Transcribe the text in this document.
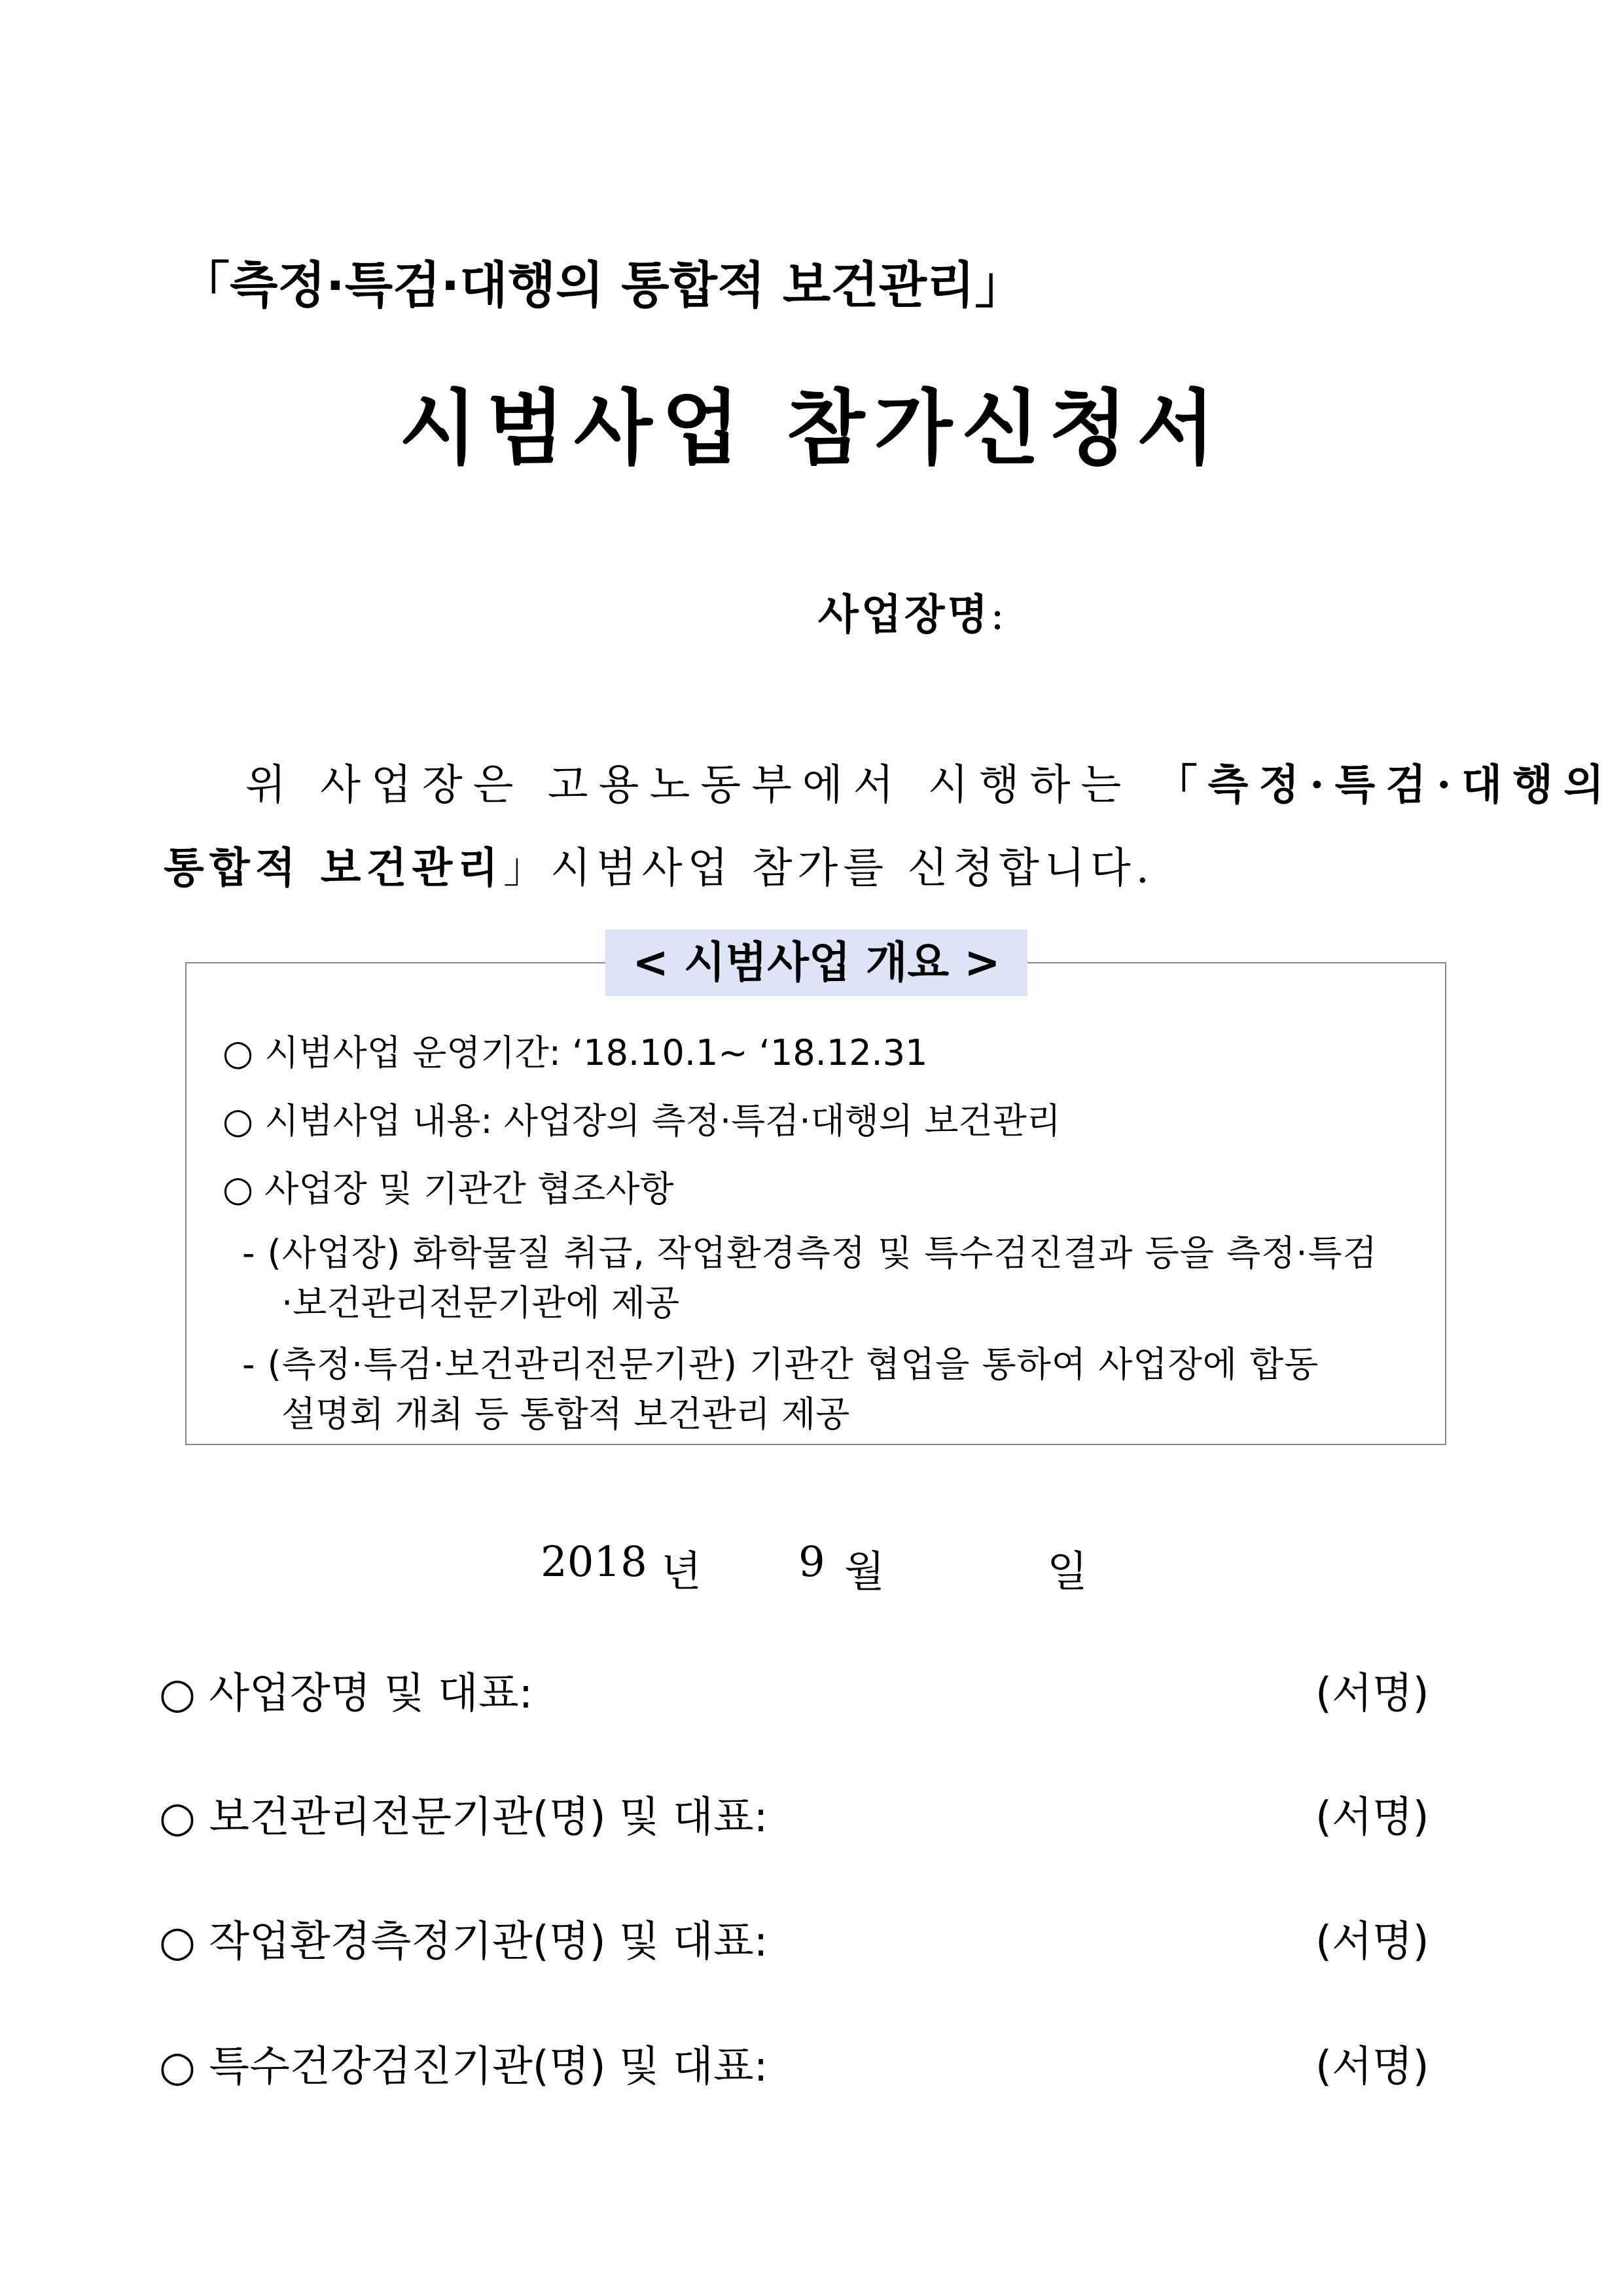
「측정·특검·대행의 통합적 보건관리」
시범사업 참가신청서
사업장명:
위 사업장은 고용노동부에서 시행하는 「측정·특검·대행의
통합적 보건관리」시범사업 참가를 신청합니다.
< 시범사업 개요 >
○ 시범사업 운영기간: ‘18.10.1~ ‘18.12.31
○ 시범사업 내용: 사업장의 측정·특검·대행의 보건관리
○ 사업장 및 기관간 협조사항
- (사업장) 화학물질 취급, 작업환경측정 및 특수검진결과 등을 측정·특검
·보건관리전문기관에 제공
- (측정·특검·보건관리전문기관) 기관간 협업을 통하여 사업장에 합동
설명회 개최 등 통합적 보건관리 제공
2018 년 9 월	일
○ 사업장명 및 대표:	(서명)
○ 보건관리전문기관(명) 및 대표:	(서명)
○ 작업환경측정기관(명) 및 대표:	(서명)
○ 특수건강검진기관(명) 및 대표:	(서명)
